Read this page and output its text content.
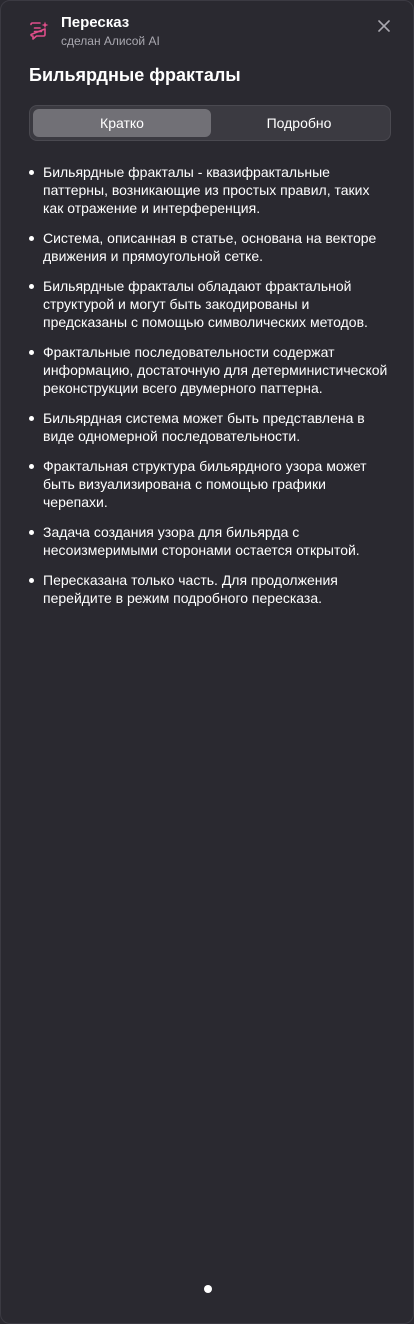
Пересказ
сделан Алисой AI
Бильярдные фракталы
Кратко	Подробно
Бильярдные фракталы - квазифрактальные паттерны, возникающие из простых правил, таких как отражение и интерференция.
Система, описанная в статье, основана на векторе движения и прямоугольной сетке.
Бильярдные фракталы обладают фрактальной структурой и могут быть закодированы и предсказаны с помощью символических методов.
Фрактальные последовательности содержат информацию, достаточную для детерминистической реконструкции всего двумерного паттерна.
Бильярдная система может быть представлена в виде одномерной последовательности.
Фрактальная структура бильярдного узора может быть визуализирована с помощью графики черепахи.
Задача создания узора для бильярда с несоизмеримыми сторонами остается открытой.
Пересказана только часть. Для продолжения перейдите в режим подробного пересказа.
